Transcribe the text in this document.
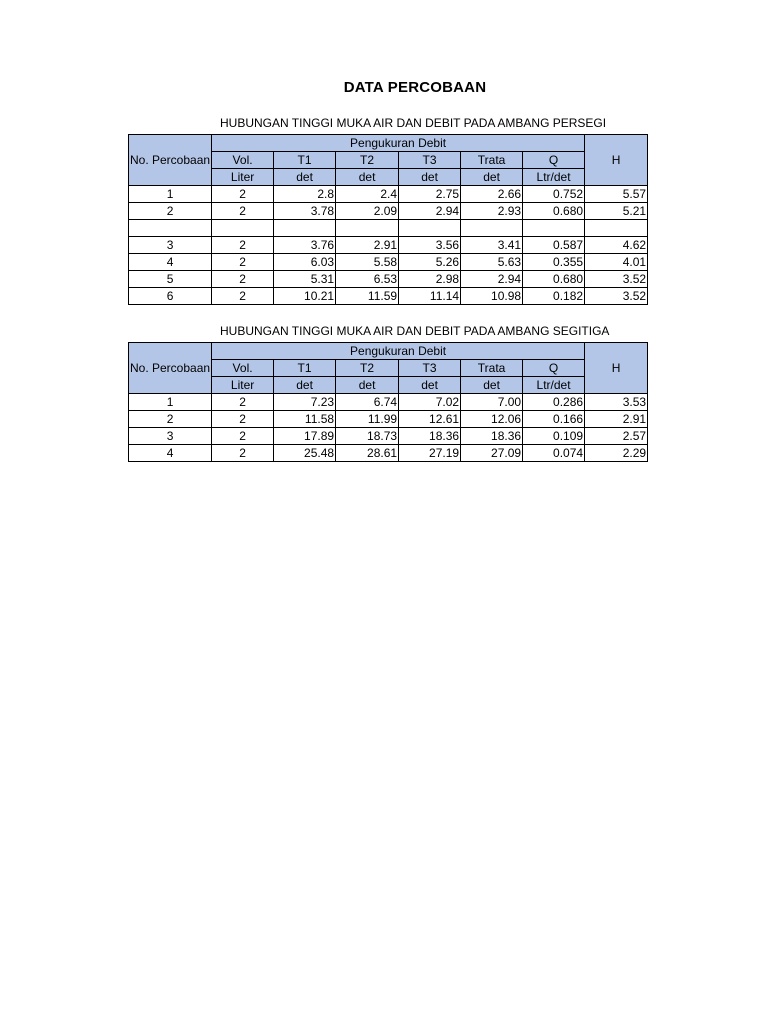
DATA PERCOBAAN
HUBUNGAN TINGGI MUKA AIR DAN DEBIT PADA AMBANG PERSEGI
No. Percobaan	Pengukuran Debit						H
	Vol.	T1	T2	T3	Trata	Q	
	Liter	det	det	det	det	Ltr/det	
1	2	2.8	2.4	2.75	2.66	0.752	5.57
2	2	3.78	2.09	2.94	2.93	0.680	5.21

3	2	3.76	2.91	3.56	3.41	0.587	4.62
4	2	6.03	5.58	5.26	5.63	0.355	4.01
5	2	5.31	6.53	2.98	2.94	0.680	3.52
6	2	10.21	11.59	11.14	10.98	0.182	3.52
HUBUNGAN TINGGI MUKA AIR DAN DEBIT PADA AMBANG SEGITIGA
No. Percobaan	Pengukuran Debit						H
	Vol.	T1	T2	T3	Trata	Q	
	Liter	det	det	det	det	Ltr/det	
1	2	7.23	6.74	7.02	7.00	0.286	3.53
2	2	11.58	11.99	12.61	12.06	0.166	2.91
3	2	17.89	18.73	18.36	18.36	0.109	2.57
4	2	25.48	28.61	27.19	27.09	0.074	2.29
